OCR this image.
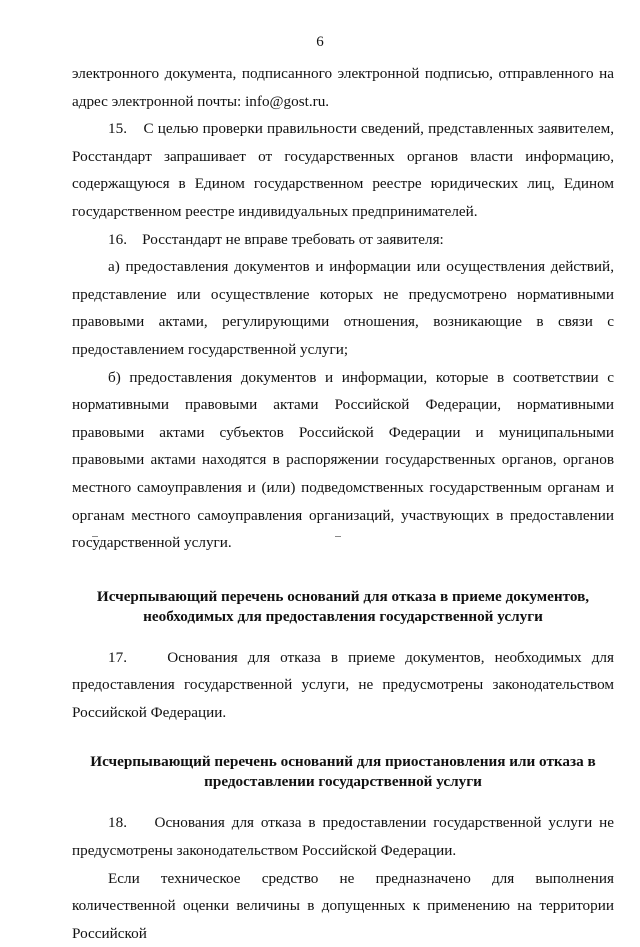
6

электронного документа, подписанного электронной подписью, отправленного на адрес электронной почты: info@gost.ru.

15.    С целью проверки правильности сведений, представленных заявителем, Росстандарт запрашивает от государственных органов власти информацию, содержащуюся в Едином государственном реестре юридических лиц, Едином государственном реестре индивидуальных предпринимателей.

16.    Росстандарт не вправе требовать от заявителя:

а) предоставления документов и информации или осуществления действий, представление или осуществление которых не предусмотрено нормативными правовыми актами, регулирующими отношения, возникающие в связи с предоставлением государственной услуги;

б) предоставления документов и информации, которые в соответствии с нормативными правовыми актами Российской Федерации, нормативными правовыми актами субъектов Российской Федерации и муниципальными правовыми актами находятся в распоряжении государственных органов, органов местного самоуправления и (или) подведомственных государственным органам и органам местного самоуправления организаций, участвующих в предоставлении государственной услуги.

Исчерпывающий перечень оснований для отказа в приеме документов,
необходимых для предоставления государственной услуги

17.    Основания для отказа в приеме документов, необходимых для предоставления государственной услуги, не предусмотрены законодательством Российской Федерации.

Исчерпывающий перечень оснований для приостановления или отказа в
предоставлении государственной услуги

18.    Основания для отказа в предоставлении государственной услуги не предусмотрены законодательством Российской Федерации.

Если техническое средство не предназначено для выполнения количественной оценки величины в допущенных к применению на территории Российской
